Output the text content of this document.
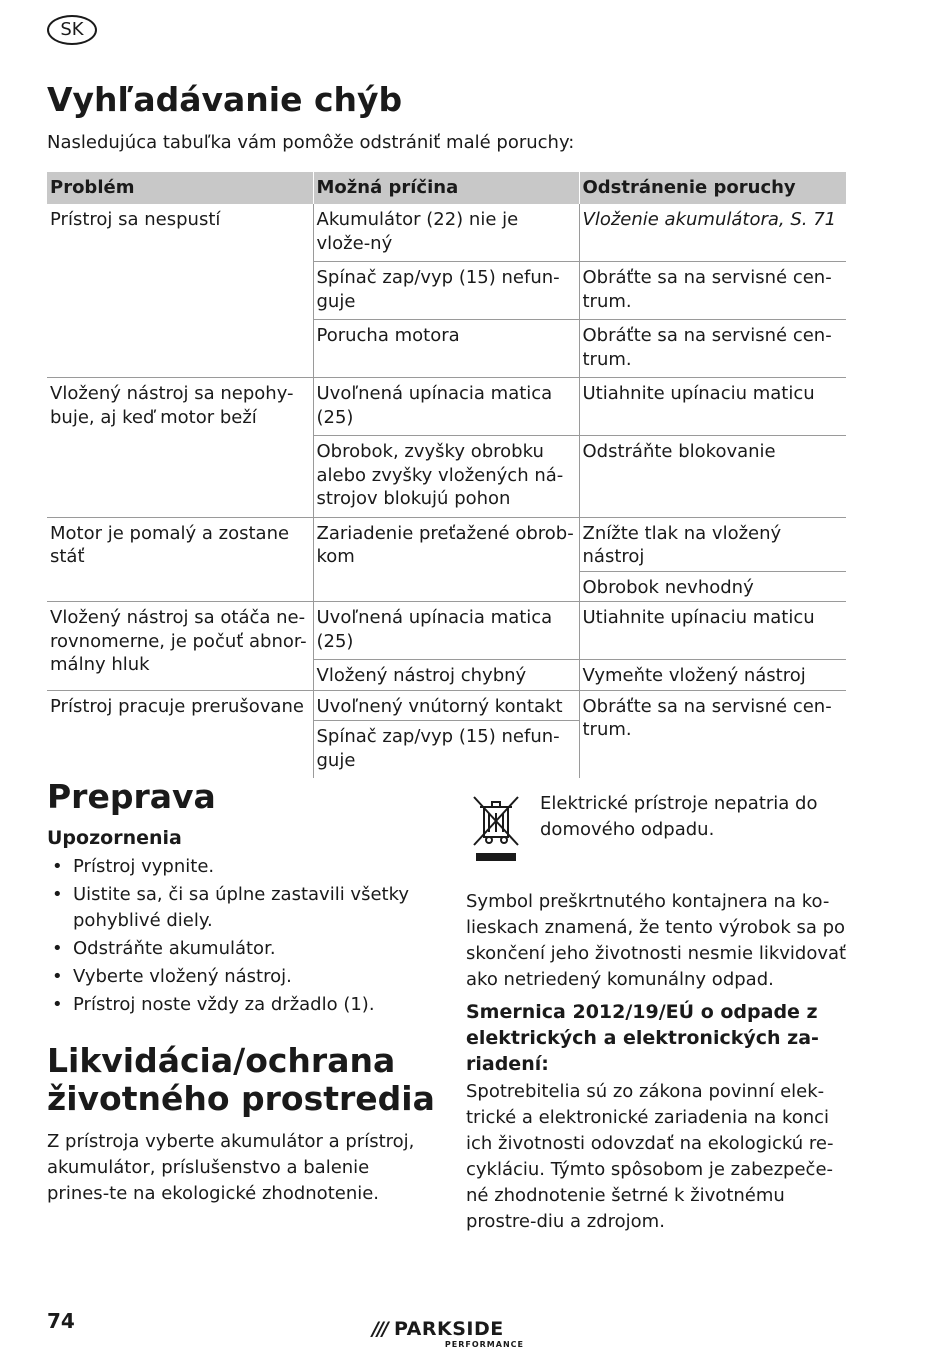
SK
Vyhľadávanie chýb
Nasledujúca tabuľka vám pomôže odstrániť malé poruchy:
Problém	Možná príčina	Odstránenie poruchy
Prístroj sa nespustí	Akumulátor (22) nie je vlože-ný	Vloženie akumulátora, S. 71
	Spínač zap/vyp (15) nefun-guje	Obráťte sa na servisné cen-trum.
	Porucha motora	Obráťte sa na servisné cen-trum.
Vložený nástroj sa nepohy-buje, aj keď motor beží	Uvoľnená upínacia matica (25)	Utiahnite upínaciu maticu
	Obrobok, zvyšky obrobku alebo zvyšky vložených ná-strojov blokujú pohon	Odstráňte blokovanie
Motor je pomalý a zostane stáť	Zariadenie preťažené obrob-kom	Znížte tlak na vložený nástroj
		Obrobok nevhodný
Vložený nástroj sa otáča ne-rovnomerne, je počuť abnor-málny hluk	Uvoľnená upínacia matica (25)	Utiahnite upínaciu maticu
	Vložený nástroj chybný	Vymeňte vložený nástroj
Prístroj pracuje prerušovane	Uvoľnený vnútorný kontakt	Obráťte sa na servisné cen-trum.
	Spínač zap/vyp (15) nefun-guje	
Preprava
Upozornenia
• Prístroj vypnite.
• Uistite sa, či sa úplne zastavili všetky pohyblivé diely.
• Odstráňte akumulátor.
• Vyberte vložený nástroj.
• Prístroj noste vždy za držadlo (1).
Likvidácia/ochrana
životného prostredia
Z prístroja vyberte akumulátor a prístroj, akumulátor, príslušenstvo a balenie prines-te na ekologické zhodnotenie.
Elektrické prístroje nepatria do domového odpadu.
Symbol preškrtnutého kontajnera na ko-lieskach znamená, že tento výrobok sa po skončení jeho životnosti nesmie likvidovať ako netriedený komunálny odpad.
Smernica 2012/19/EÚ o odpade z elektrických a elektronických za-riadení:
Spotrebitelia sú zo zákona povinní elek-trické a elektronické zariadenia na konci ich životnosti odovzdať na ekologickú re-cykláciu. Týmto spôsobom je zabezpeče-né zhodnotenie šetrné k životnému prostre-diu a zdrojom.
74	/// PARKSIDE
PERFORMANCE
